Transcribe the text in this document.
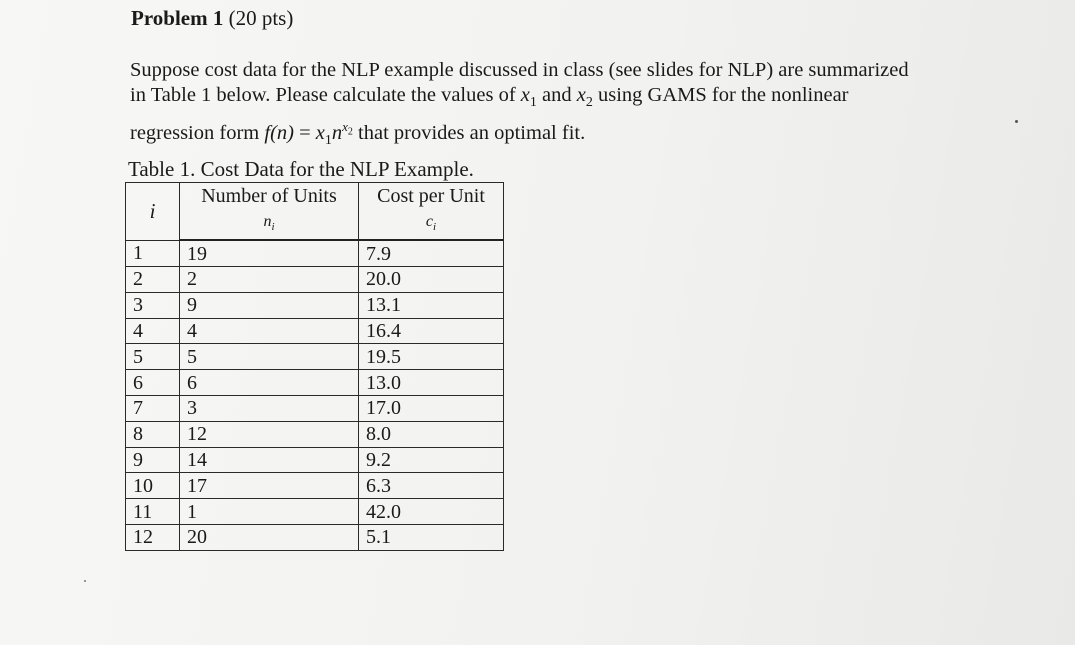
Problem 1 (20 pts)
Suppose cost data for the NLP example discussed in class (see slides for NLP) are summarized
in Table 1 below. Please calculate the values of $x_1$ and $x_2$ using GAMS for the nonlinear
regression form $f(n) = x_1n^{x_2}$ that provides an optimal fit.
Table 1. Cost Data for the NLP Example.
i	Number of Units	Cost per Unit
	$n_i$	$c_i$
1	19	7.9
2	2	20.0
3	9	13.1
4	4	16.4
5	5	19.5
6	6	13.0
7	3	17.0
8	12	8.0
9	14	9.2
10	17	6.3
11	1	42.0
12	20	5.1
